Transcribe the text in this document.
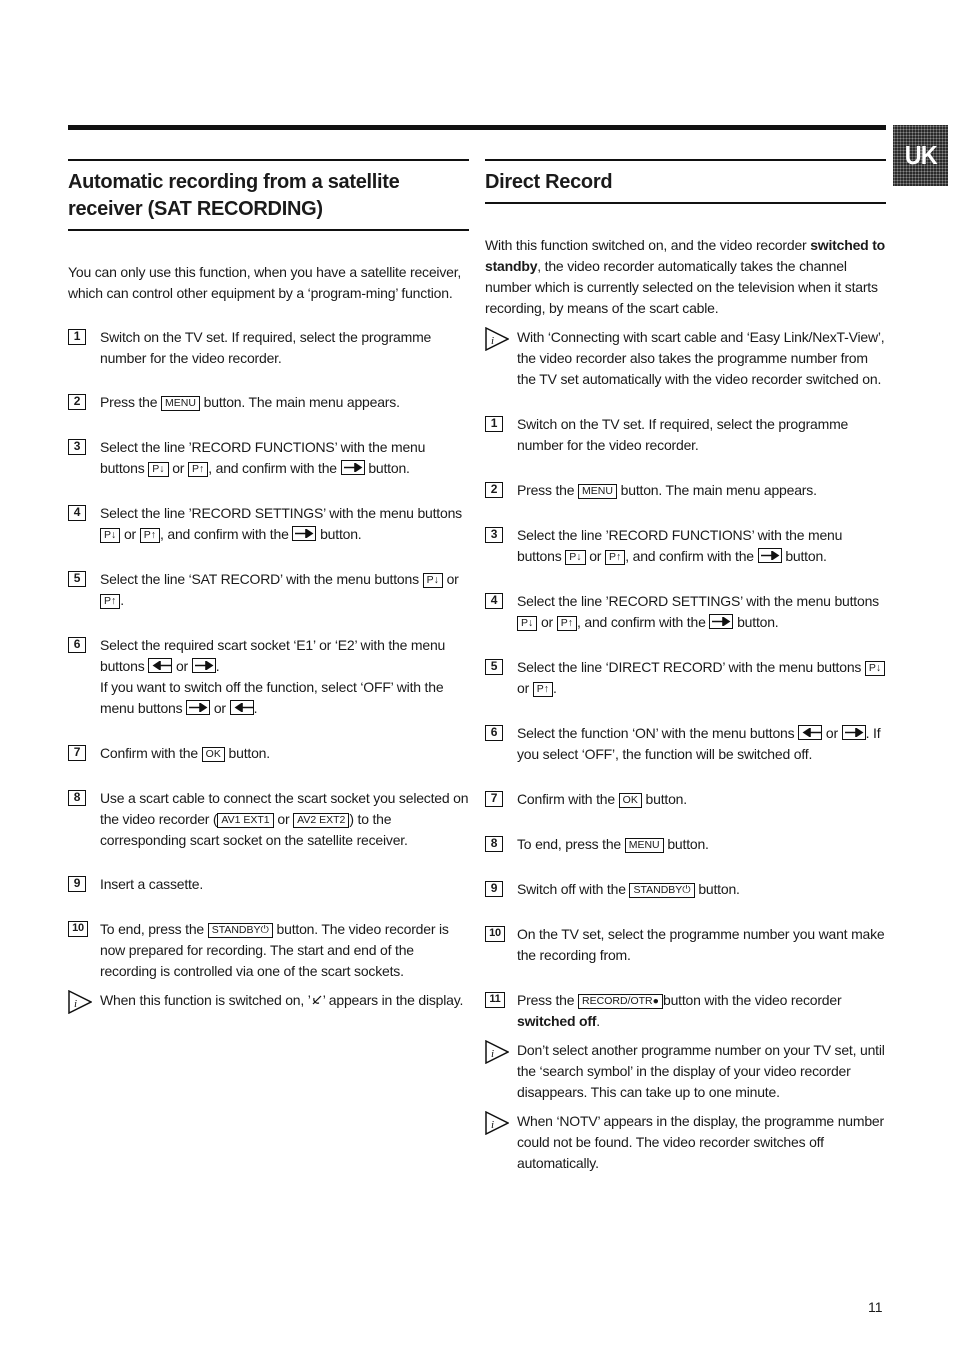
UK
Automatic recording from a satellite receiver (SAT RECORDING)

You can only use this function, when you have a satellite receiver, which can control other equipment by a ‘program-ming’ function.

1	Switch on the TV set. If required, select the programme number for the video recorder.
2	Press the MENU button. The main menu appears.
3	Select the line ’RECORD FUNCTIONS’ with the menu buttons P↓ or P↑ , and confirm with the button.
4	Select the line ’RECORD SETTINGS’ with the menu buttons P↓ or P↑ , and confirm with the button.
5	Select the line ‘SAT RECORD’ with the menu buttons P↓ or P↑ .
6	Select the required scart socket ‘E1’ or ‘E2’ with the menu buttons or .
If you want to switch off the function, select ‘OFF’ with the menu buttons or .
7	Confirm with the OK button.
8	Use a scart cable to connect the scart socket you selected on the video recorder ( AV1 EXT1 or AV2 EXT2 ) to the corresponding scart socket on the satellite receiver.
9	Insert a cassette.
10 To end, press the STANDBY⏻ button. The video recorder is now prepared for recording. The start and end of the recording is controlled via one of the scart sockets.
i When this function is switched on, ’ ’ appears in the display.
Direct Record

With this function switched on, and the video recorder switched to standby, the video recorder automatically takes the channel number which is currently selected on the television when it starts recording, by means of the scart cable.

i With ‘Connecting with scart cable and ‘Easy Link/NexT-View’, the video recorder also takes the programme number from the TV set automatically with the video recorder switched on.
1	Switch on the TV set. If required, select the programme number for the video recorder.
2	Press the MENU button. The main menu appears.
3	Select the line ’RECORD FUNCTIONS’ with the menu buttons P↓ or P↑ , and confirm with the button.
4	Select the line ’RECORD SETTINGS’ with the menu buttons P↓ or P↑ , and confirm with the button.
5	Select the line ‘DIRECT RECORD’ with the menu buttons P↓ or P↑ .
6	Select the function ‘ON’ with the menu buttons or . If you select ‘OFF’, the function will be switched off.
7	Confirm with the OK button.
8	To end, press the MENU button.
9	Switch off with the STANDBY⏻ button.
10 On the TV set, select the programme number you want make the recording from.
11	Press the RECORD/OTR● button with the video recorder switched off.
i Don’t select another programme number on your TV set, until the ‘search symbol’ in the display of your video recorder disappears. This can take up to one minute.
i When ‘NOTV’ appears in the display, the programme number could not be found. The video recorder switches off automatically.
11
